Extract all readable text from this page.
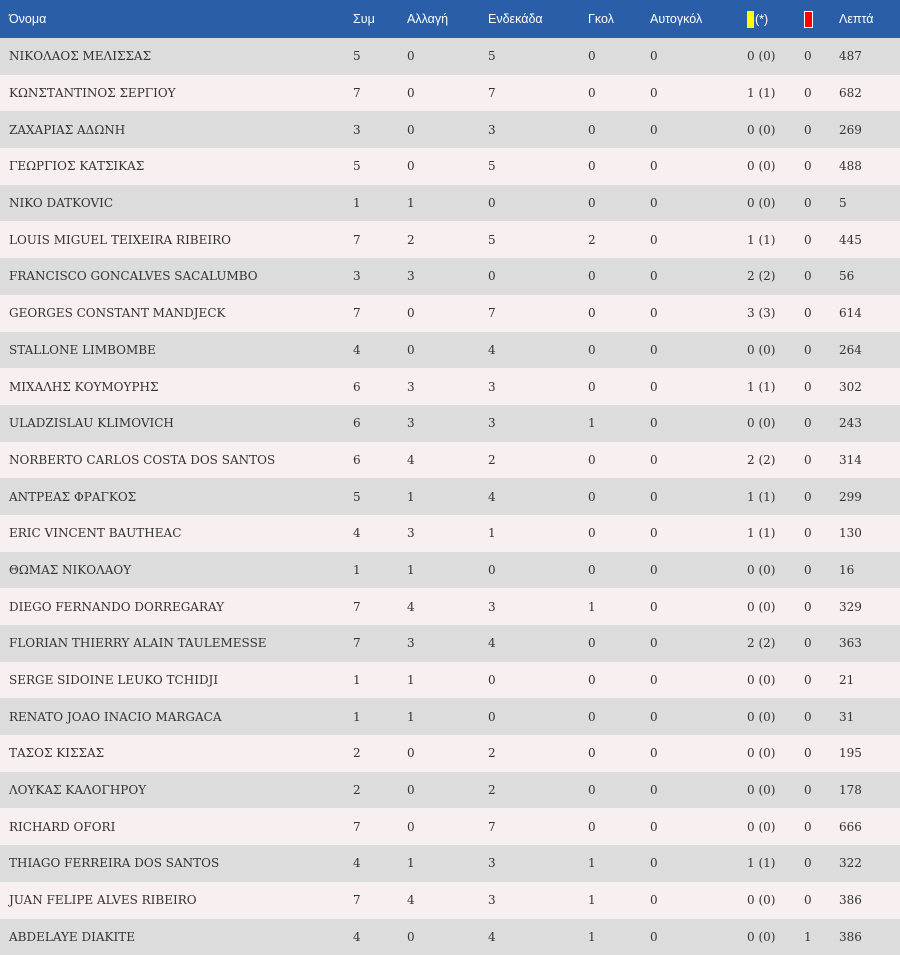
Όνομα	Συμ	Αλλαγή	Ενδεκάδα	Γκολ	Αυτογκόλ	(*)		Λεπτά
ΝΙΚΟΛΑΟΣ ΜΕΛΙΣΣΑΣ	5	0	5	0	0	0 (0)	0	487
ΚΩΝΣΤΑΝΤΙΝΟΣ ΣΕΡΓΙΟΥ	7	0	7	0	0	1 (1)	0	682
ΖΑΧΑΡΙΑΣ ΑΔΩΝΗ	3	0	3	0	0	0 (0)	0	269
ΓΕΩΡΓΙΟΣ ΚΑΤΣΙΚΑΣ	5	0	5	0	0	0 (0)	0	488
NIKO DATKOVIC	1	1	0	0	0	0 (0)	0	5
LOUIS MIGUEL TEIXEIRA RIBEIRO	7	2	5	2	0	1 (1)	0	445
FRANCISCO GONCALVES SACALUMBO	3	3	0	0	0	2 (2)	0	56
GEORGES CONSTANT MANDJECK	7	0	7	0	0	3 (3)	0	614
STALLONE LIMBOMBE	4	0	4	0	0	0 (0)	0	264
ΜΙΧΑΛΗΣ ΚΟΥΜΟΥΡΗΣ	6	3	3	0	0	1 (1)	0	302
ULADZISLAU KLIMOVICH	6	3	3	1	0	0 (0)	0	243
NORBERTO CARLOS COSTA DOS SANTOS	6	4	2	0	0	2 (2)	0	314
ΑΝΤΡΕΑΣ ΦΡΑΓΚΟΣ	5	1	4	0	0	1 (1)	0	299
ERIC VINCENT BAUTHEAC	4	3	1	0	0	1 (1)	0	130
ΘΩΜΑΣ ΝΙΚΟΛΑΟΥ	1	1	0	0	0	0 (0)	0	16
DIEGO FERNANDO DORREGARAY	7	4	3	1	0	0 (0)	0	329
FLORIAN THIERRY ALAIN TAULEMESSE	7	3	4	0	0	2 (2)	0	363
SERGE SIDOINE LEUKO TCHIDJI	1	1	0	0	0	0 (0)	0	21
RENATO JOAO INACIO MARGACA	1	1	0	0	0	0 (0)	0	31
ΤΑΣΟΣ ΚΙΣΣΑΣ	2	0	2	0	0	0 (0)	0	195
ΛΟΥΚΑΣ ΚΑΛΟΓΗΡΟΥ	2	0	2	0	0	0 (0)	0	178
RICHARD OFORI	7	0	7	0	0	0 (0)	0	666
THIAGO FERREIRA DOS SANTOS	4	1	3	1	0	1 (1)	0	322
JUAN FELIPE ALVES RIBEIRO	7	4	3	1	0	0 (0)	0	386
ABDELAYE DIAKITE	4	0	4	1	0	0 (0)	1	386
